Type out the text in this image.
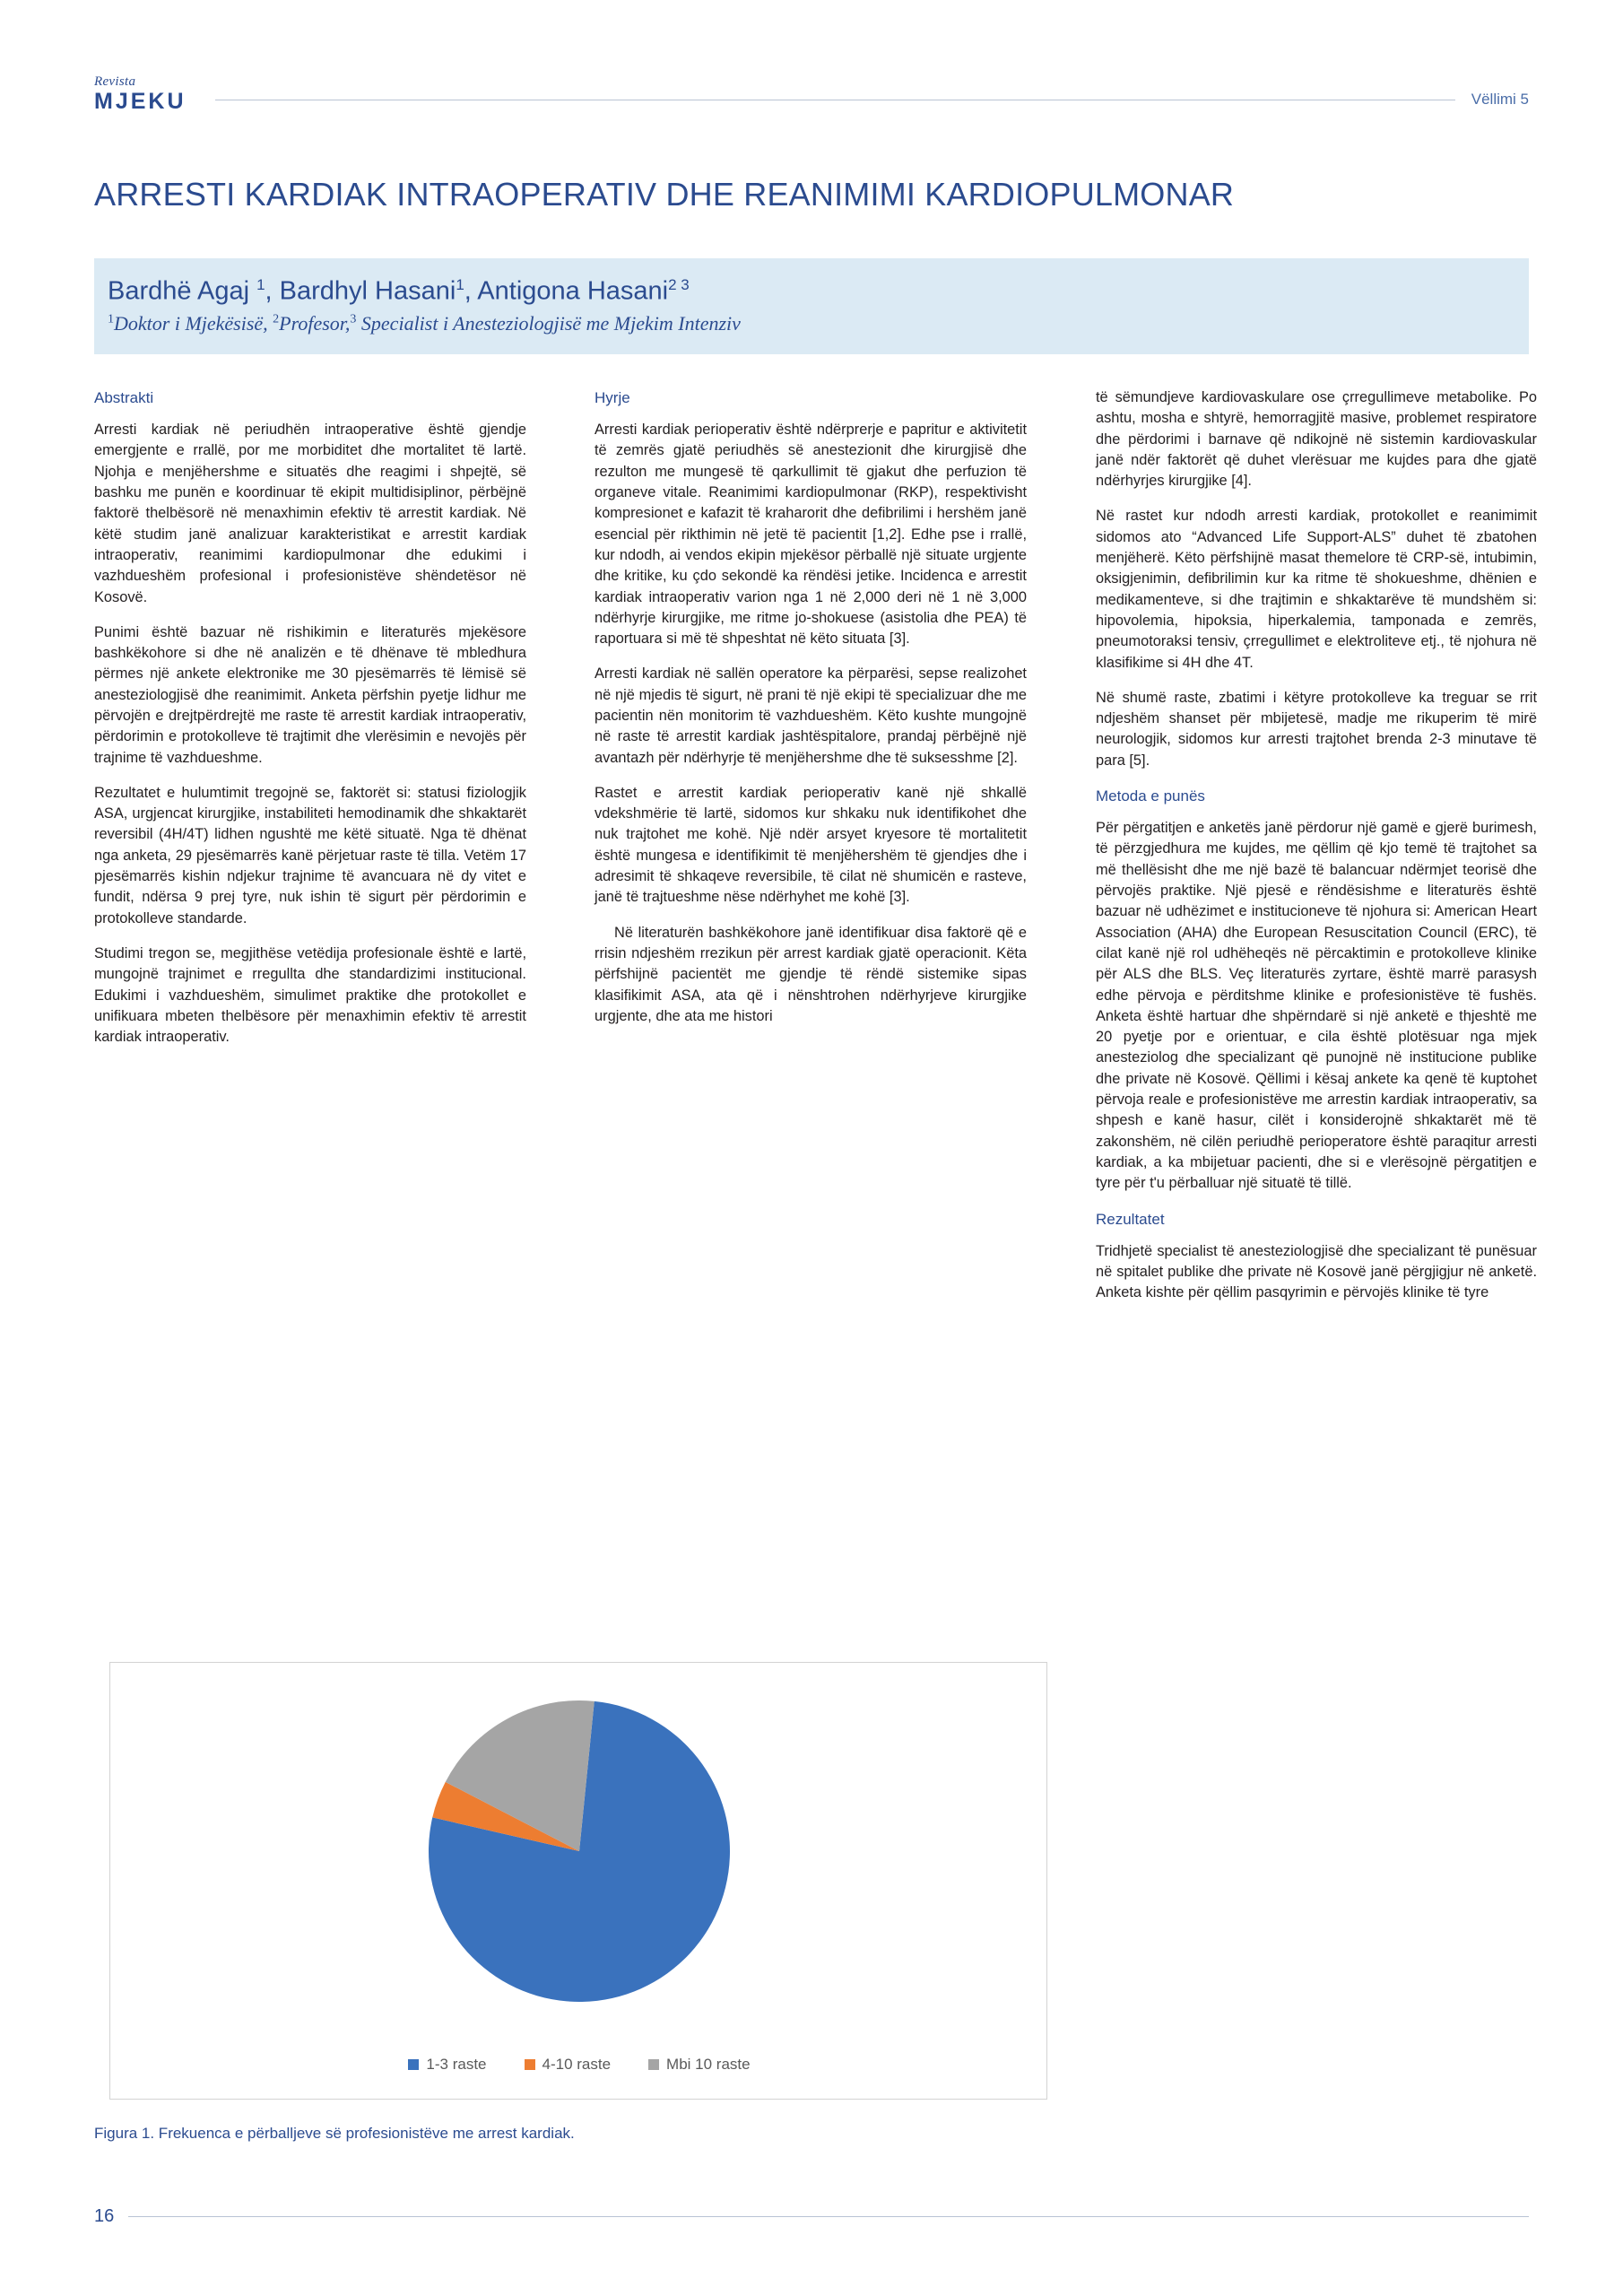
Revista
MJEKU	Vëllimi 5
ARRESTI KARDIAK INTRAOPERATIV DHE REANIMIMI KARDIOPULMONAR
Bardhë Agaj $^1$, Bardhyl Hasani$^1$, Antigona Hasani$^{2 3}$
$^1$Doktor i Mjekësisë, $^2$Profesor,$^3$ Specialist i Anesteziologjisë me Mjekim Intenziv
Abstrakti

Arresti kardiak në periudhën intraoperative është gjendje emergjente e rrallë, por me morbiditet dhe mortalitet të lartë. Njohja e menjëhershme e situatës dhe reagimi i shpejtë, së bashku me punën e koordinuar të ekipit multidisiplinor, përbëjnë faktorë thelbësorë në menaxhimin efektiv të arrestit kardiak. Në këtë studim janë analizuar karakteristikat e arrestit kardiak intraoperativ, reanimimi kardiopulmonar dhe edukimi i vazhdueshëm profesional i profesionistëve shëndetësor në Kosovë.

Punimi është bazuar në rishikimin e literaturës mjekësore bashkëkohore si dhe në analizën e të dhënave të mbledhura përmes një ankete elektronike me 30 pjesëmarrës të lëmisë së anesteziologjisë dhe reanimimit. Anketa përfshin pyetje lidhur me përvojën e drejtpërdrejtë me raste të arrestit kardiak intraoperativ, përdorimin e protokolleve të trajtimit dhe vlerësimin e nevojës për trajnime të vazhdueshme.

Rezultatet e hulumtimit tregojnë se, faktorët si: statusi fiziologjik ASA, urgjencat kirurgjike, instabiliteti hemodinamik dhe shkaktarët reversibil (4H/4T) lidhen ngushtë me këtë situatë. Nga të dhënat nga anketa, 29 pjesëmarrës kanë përjetuar raste të tilla. Vetëm 17 pjesëmarrës kishin ndjekur trajnime të avancuara në dy vitet e fundit, ndërsa 9 prej tyre, nuk ishin të sigurt për përdorimin e protokolleve standarde.

Studimi tregon se, megjithëse vetëdija profesionale është e lartë, mungojnë trajnimet e rregullta dhe standardizimi institucional. Edukimi i vazhdueshëm, simulimet praktike dhe protokollet e unifikuara mbeten thelbësore për menaxhimin efektiv të arrestit kardiak intraoperativ.

Hyrje

Arresti kardiak perioperativ është ndërprerje e papritur e aktivitetit të zemrës gjatë periudhës së anestezionit dhe kirurgjisë dhe rezulton me mungesë të qarkullimit të gjakut dhe perfuzion të organeve vitale. Reanimimi kardiopulmonar (RKP), respektivisht kompresionet e kafazit të kraharorit dhe defibrilimi i hershëm janë esencial për rikthimin në jetë të pacientit [1,2]. Edhe pse i rrallë, kur ndodh, ai vendos ekipin mjekësor përballë një situate urgjente dhe kritike, ku çdo sekondë ka rëndësi jetike. Incidenca e arrestit kardiak intraoperativ varion nga 1 në 2,000 deri në 1 në 3,000 ndërhyrje kirurgjike, me ritme jo-shokuese (asistolia dhe PEA) të raportuara si më të shpeshtat në këto situata [3].

Arresti kardiak në sallën operatore ka përparësi, sepse realizohet në një mjedis të sigurt, në prani të një ekipi të specializuar dhe me pacientin nën monitorim të vazhdueshëm. Këto kushte mungojnë në raste të arrestit kardiak jashtëspitalore, prandaj përbëjnë një avantazh për ndërhyrje të menjëhershme dhe të suksesshme [2].

Rastet e arrestit kardiak perioperativ kanë një shkallë vdekshmërie të lartë, sidomos kur shkaku nuk identifikohet dhe nuk trajtohet me kohë. Një ndër arsyet kryesore të mortalitetit është mungesa e identifikimit të menjëhershëm të gjendjes dhe i adresimit të shkaqeve reversibile, të cilat në shumicën e rasteve, janë të trajtueshme nëse ndërhyhet me kohë [3].

Në literaturën bashkëkohore janë identifikuar disa faktorë që e rrisin ndjeshëm rrezikun për arrest kardiak gjatë operacionit. Këta përfshijnë pacientët me gjendje të rëndë sistemike sipas klasifikimit ASA, ata që i nënshtrohen ndërhyrjeve kirurgjike urgjente, dhe ata me histori

të sëmundjeve kardiovaskulare ose çrregullimeve metabolike. Po ashtu, mosha e shtyrë, hemorragjitë masive, problemet respiratore dhe përdorimi i barnave që ndikojnë në sistemin kardiovaskular janë ndër faktorët që duhet vlerësuar me kujdes para dhe gjatë ndërhyrjes kirurgjike [4].

Në rastet kur ndodh arresti kardiak, protokollet e reanimimit sidomos ato “Advanced Life Support-ALS” duhet të zbatohen menjëherë. Këto përfshijnë masat themelore të CRP-së, intubimin, oksigjenimin, defibrilimin kur ka ritme të shokueshme, dhënien e medikamenteve, si dhe trajtimin e shkaktarëve të mundshëm si: hipovolemia, hipoksia, hiperkalemia, tamponada e zemrës, pneumotoraksi tensiv, çrregullimet e elektroliteve etj., të njohura në klasifikime si 4H dhe 4T.

Në shumë raste, zbatimi i këtyre protokolleve ka treguar se rrit ndjeshëm shanset për mbijetesë, madje me rikuperim të mirë neurologjik, sidomos kur arresti trajtohet brenda 2-3 minutave të para [5].

Metoda e punës

Për përgatitjen e anketës janë përdorur një gamë e gjerë burimesh, të përzgjedhura me kujdes, me qëllim që kjo temë të trajtohet sa më thellësisht dhe me një bazë të balancuar ndërmjet teorisë dhe përvojës praktike. Një pjesë e rëndësishme e literaturës është bazuar në udhëzimet e institucioneve të njohura si: American Heart Association (AHA) dhe European Resuscitation Council (ERC), të cilat kanë një rol udhëheqës në përcaktimin e protokolleve klinike për ALS dhe BLS. Veç literaturës zyrtare, është marrë parasysh edhe përvoja e përditshme klinike e profesionistëve të fushës. Anketa është hartuar dhe shpërndarë si një anketë e thjeshtë me 20 pyetje por e orientuar, e cila është plotësuar nga mjek anesteziolog dhe specializant që punojnë në institucione publike dhe private në Kosovë. Qëllimi i kësaj ankete ka qenë të kuptohet përvoja reale e profesionistëve me arrestin kardiak intraoperativ, sa shpesh e kanë hasur, cilët i konsiderojnë shkaktarët më të zakonshëm, në cilën periudhë perioperatore është paraqitur arresti kardiak, a ka mbijetuar pacienti, dhe si e vlerësojnë përgatitjen e tyre për t'u përballuar një situatë të tillë.

Rezultatet

Tridhjetë specialist të anesteziologjisë dhe specializant të punësuar në spitalet publike dhe private në Kosovë janë përgjigjur në anketë. Anketa kishte për qëllim pasqyrimin e përvojës klinike të tyre

1-3 raste	4-10 raste	Mbi 10 raste
Figura 1. Frekuenca e përballjeve së profesionistëve me arrest kardiak.
16
